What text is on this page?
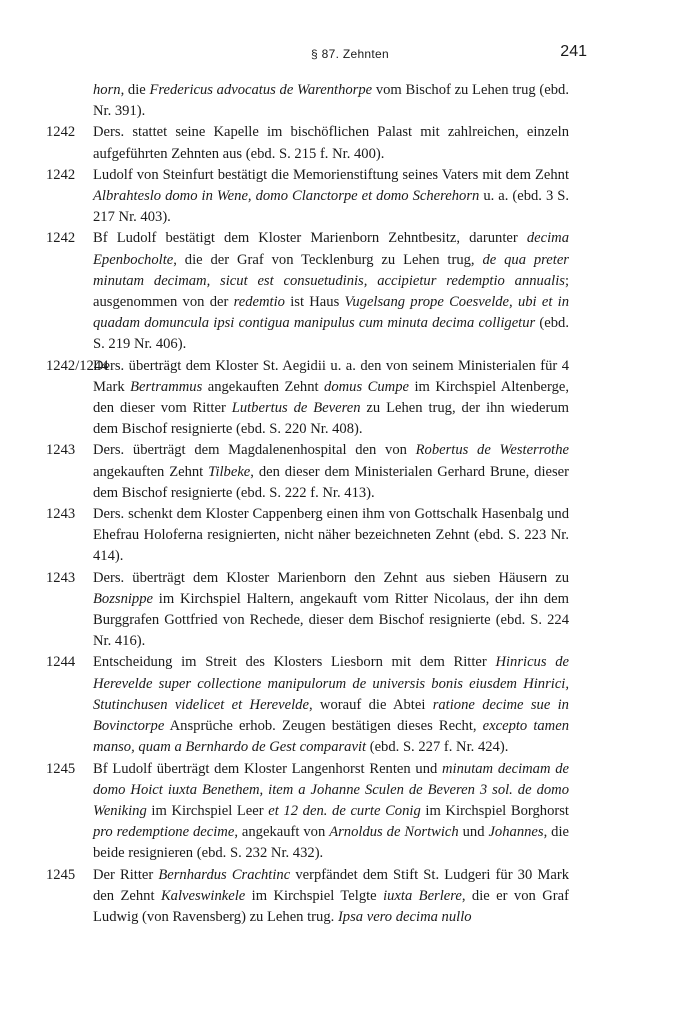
§ 87. Zehnten	241
horn, die Fredericus advocatus de Warenthorpe vom Bischof zu Lehen trug (ebd. Nr. 391).
1242 Ders. stattet seine Kapelle im bischöflichen Palast mit zahlreichen, einzeln aufgeführten Zehnten aus (ebd. S. 215 f. Nr. 400).
1242 Ludolf von Steinfurt bestätigt die Memorienstiftung seines Vaters mit dem Zehnt Albrahteslo domo in Wene, domo Clanctorpe et domo Scherehorn u. a. (ebd. 3 S. 217 Nr. 403).
1242 Bf Ludolf bestätigt dem Kloster Marienborn Zehntbesitz, darunter decima Epenbocholte, die der Graf von Tecklenburg zu Lehen trug, de qua preter minutam decimam, sicut est consuetudinis, accipietur redemptio annualis; ausgenommen von der redemtio ist Haus Vugelsang prope Coesvelde, ubi et in quadam domuncula ipsi contigua manipulus cum minuta decima colligetur (ebd. S. 219 Nr. 406).
1242/1244
Ders. überträgt dem Kloster St. Aegidii u. a. den von seinem Ministerialen für 4 Mark Bertrammus angekauften Zehnt domus Cumpe im Kirchspiel Altenberge, den dieser vom Ritter Lutbertus de Beveren zu Lehen trug, der ihn wiederum dem Bischof resignierte (ebd. S. 220 Nr. 408).
1243 Ders. überträgt dem Magdalenenhospital den von Robertus de Westerrothe angekauften Zehnt Tilbeke, den dieser dem Ministerialen Gerhard Brune, dieser dem Bischof resignierte (ebd. S. 222 f. Nr. 413).
1243 Ders. schenkt dem Kloster Cappenberg einen ihm von Gottschalk Hasenbalg und Ehefrau Holoferna resignierten, nicht näher bezeichneten Zehnt (ebd. S. 223 Nr. 414).
1243 Ders. überträgt dem Kloster Marienborn den Zehnt aus sieben Häusern zu Bozsnippe im Kirchspiel Haltern, angekauft vom Ritter Nicolaus, der ihn dem Burggrafen Gottfried von Rechede, dieser dem Bischof resignierte (ebd. S. 224 Nr. 416).
1244 Entscheidung im Streit des Klosters Liesborn mit dem Ritter Hinricus de Herevelde super collectione manipulorum de universis bonis eiusdem Hinrici, Stutinchusen videlicet et Herevelde, worauf die Abtei ratione decime sue in Bovinctorpe Ansprüche erhob. Zeugen bestätigen dieses Recht, excepto tamen manso, quam a Bernhardo de Gest comparavit (ebd. S. 227 f. Nr. 424).
1245 Bf Ludolf überträgt dem Kloster Langenhorst Renten und minutam decimam de domo Hoict iuxta Benethem, item a Johanne Sculen de Beveren 3 sol. de domo Weniking im Kirchspiel Leer et 12 den. de curte Conig im Kirchspiel Borghorst pro redemptione decime, angekauft von Arnoldus de Nortwich und Johannes, die beide resignieren (ebd. S. 232 Nr. 432).
1245 Der Ritter Bernhardus Crachtinc verpfändet dem Stift St. Ludgeri für 30 Mark den Zehnt Kalveswinkele im Kirchspiel Telgte iuxta Berlere, die er von Graf Ludwig (von Ravensberg) zu Lehen trug. Ipsa vero decima nullo
